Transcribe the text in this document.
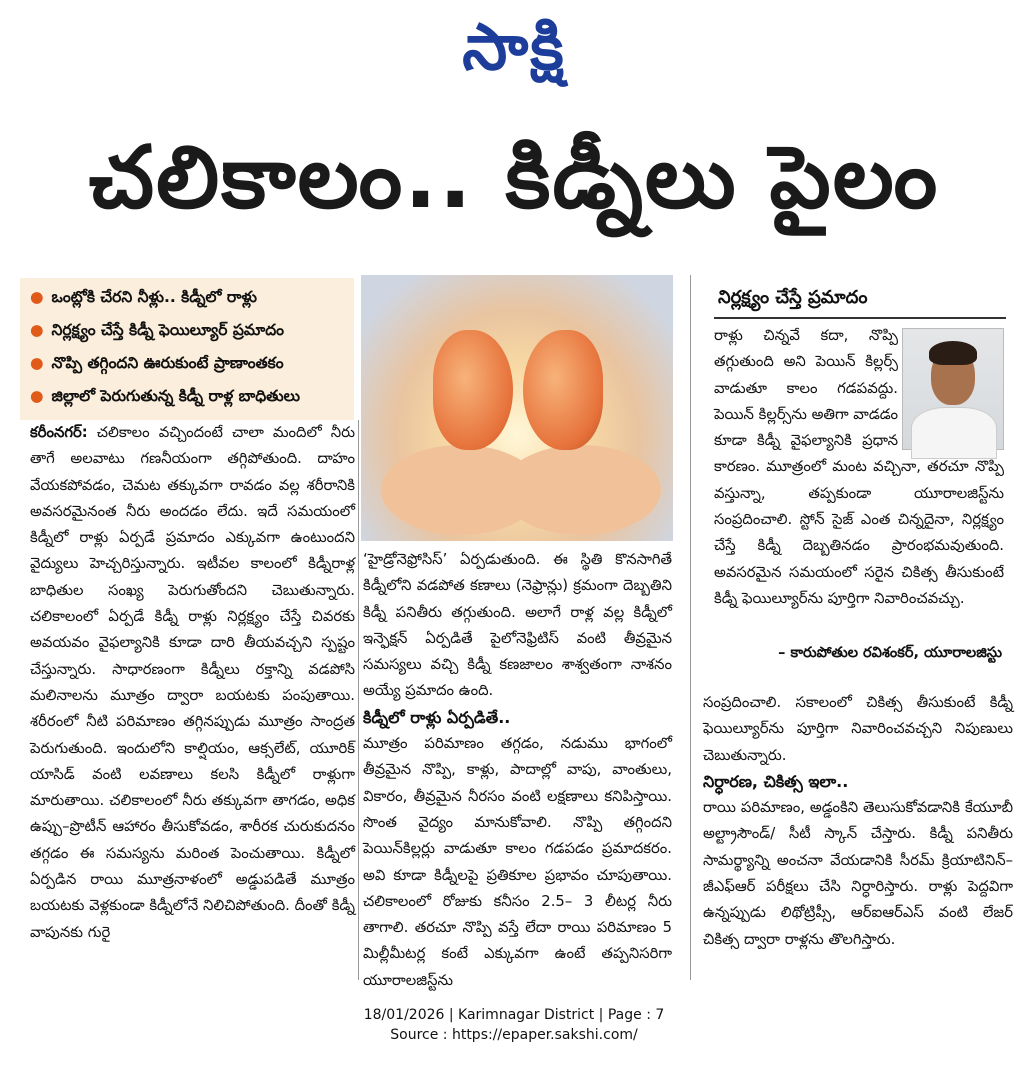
సాక్షి
చలికాలం.. కిడ్నీలు పైలం
● ఒంట్లోకి చేరని నీళ్లు.. కిడ్నీలో రాళ్లు
● నిర్లక్ష్యం చేస్తే కిడ్నీ ఫెయిల్యూర్‌ ప్రమాదం
● నొప్పి తగ్గిందని ఊరుకుంటే ప్రాణాంతకం
● జిల్లాలో పెరుగుతున్న కిడ్నీ రాళ్ల బాధితులు

కరీంనగర్‌: చలికాలం వచ్చిందంటే చాలా మందిలో నీరు తాగే అలవాటు గణనీయంగా తగ్గిపోతుంది. దాహం వేయకపోవడం, చెమట తక్కువగా రావడం వల్ల శరీరానికి అవసరమైనంత నీరు అందడం లేదు. ఇదే సమయంలో కిడ్నీలో రాళ్లు ఏర్పడే ప్రమాదం ఎక్కువగా ఉంటుందని వైద్యులు హెచ్చరిస్తున్నారు. ఇటీవల కాలంలో కిడ్నీరాళ్ల బాధితుల సంఖ్య పెరుగుతోందని చెబుతున్నారు. చలికాలంలో ఏర్పడే కిడ్నీ రాళ్లు నిర్లక్ష్యం చేస్తే చివరకు అవయవం వైఫల్యానికి కూడా దారి తీయవచ్చని స్పష్టం చేస్తున్నారు. సాధారణంగా కిడ్నీలు రక్తాన్ని వడపోసి మలినాలను మూత్రం ద్వారా బయటకు పంపుతాయి. శరీరంలో నీటి పరిమాణం తగ్గినప్పుడు మూత్రం సాంద్రత పెరుగుతుంది. ఇందులోని కాల్షియం, ఆక్సలేట్‌, యూరిక్‌ యాసిడ్‌ వంటి లవణాలు కలసి కిడ్నీలో రాళ్లుగా మారుతాయి. చలికాలంలో నీరు తక్కువగా తాగడం, అధిక ఉప్పు–ప్రొటీన్‌ ఆహారం తీసుకోవడం, శారీరక చురుకుదనం తగ్గడం ఈ సమస్యను మరింత పెంచుతాయి. కిడ్నీలో ఏర్పడిన రాయి మూత్రనాళంలో అడ్డుపడితే మూత్రం బయటకు వెళ్లకుండా కిడ్నీలోనే నిలిచిపోతుంది. దీంతో కిడ్నీ వాపునకు గురై

‘హైడ్రోనెఫ్రోసిస్‌’ ఏర్పడుతుంది. ఈ స్థితి కొనసాగితే కిడ్నీలోని వడపోత కణాలు (నెఫ్రాన్లు) క్రమంగా దెబ్బతిని కిడ్నీ పనితీరు తగ్గుతుంది. అలాగే రాళ్ల వల్ల కిడ్నీలో ఇన్ఫెక్షన్‌ ఏర్పడితే పైలోనెఫ్రిటిస్‌ వంటి తీవ్రమైన సమస్యలు వచ్చి కిడ్నీ కణజాలం శాశ్వతంగా నాశనం అయ్యే ప్రమాదం ఉంది.

కిడ్నీలో రాళ్లు ఏర్పడితే..

మూత్రం పరిమాణం తగ్గడం, నడుము భాగంలో తీవ్రమైన నొప్పి, కాళ్లు, పాదాల్లో వాపు, వాంతులు, వికారం, తీవ్రమైన నీరసం వంటి లక్షణాలు కనిపిస్తాయి. సొంత వైద్యం మానుకోవాలి. నొప్పి తగ్గిందని పెయిన్‌కిల్లర్లు వాడుతూ కాలం గడపడం ప్రమాదకరం. అవి కూడా కిడ్నీలపై ప్రతికూల ప్రభావం చూపుతాయి. చలికాలంలో రోజుకు కనీసం 2.5– 3 లీటర్ల నీరు తాగాలి. తరచూ నొప్పి వస్తే లేదా రాయి పరిమాణం 5 మిల్లీమీటర్ల కంటే ఎక్కువగా ఉంటే తప్పనిసరిగా యూరాలజిస్ట్‌ను

నిర్లక్ష్యం చేస్తే ప్రమాదం
రాళ్లు చిన్నవే కదా, నొప్పి తగ్గుతుంది అని పెయిన్‌ కిల్లర్స్‌ వాడుతూ కాలం గడపవద్దు. పెయిన్‌ కిల్లర్స్‌ను అతిగా వాడడం కూడా కిడ్నీ వైఫల్యానికి ప్రధాన కారణం. మూత్రంలో మంట వచ్చినా, తరచూ నొప్పి వస్తున్నా, తప్పకుండా యూరాలజిస్ట్‌ను సంప్రదించాలి. స్టోన్‌ సైజ్‌ ఎంత చిన్నదైనా, నిర్లక్ష్యం చేస్తే కిడ్నీ దెబ్బతినడం ప్రారంభమవుతుంది. అవసరమైన సమయంలో సరైన చికిత్స తీసుకుంటే కిడ్నీ ఫెయిల్యూర్‌ను పూర్తిగా నివారించవచ్చు.
– కారుపోతుల రవిశంకర్‌, యూరాలజిస్టు

సంప్రదించాలి. సకాలంలో చికిత్స తీసుకుంటే కిడ్నీ ఫెయిల్యూర్‌ను పూర్తిగా నివారించవచ్చని నిపుణులు చెబుతున్నారు.

నిర్ధారణ, చికిత్స ఇలా..

రాయి పరిమాణం, అడ్డంకిని తెలుసుకోవడానికి కేయూబీ అల్ట్రాసౌండ్‌/ సీటీ స్కాన్‌ చేస్తారు. కిడ్నీ పనితీరు సామర్థ్యాన్ని అంచనా వేయడానికి సీరమ్‌ క్రియాటినిన్‌– జీఎఫ్‌ఆర్‌ పరీక్షలు చేసి నిర్ధారిస్తారు. రాళ్లు పెద్దవిగా ఉన్నప్పుడు లిథోట్రిప్సీ, ఆర్‌ఐఆర్‌ఎస్‌ వంటి లేజర్‌ చికిత్స ద్వారా రాళ్లను తొలగిస్తారు.

18/01/2026 | Karimnagar District | Page : 7
Source : https://epaper.sakshi.com/
